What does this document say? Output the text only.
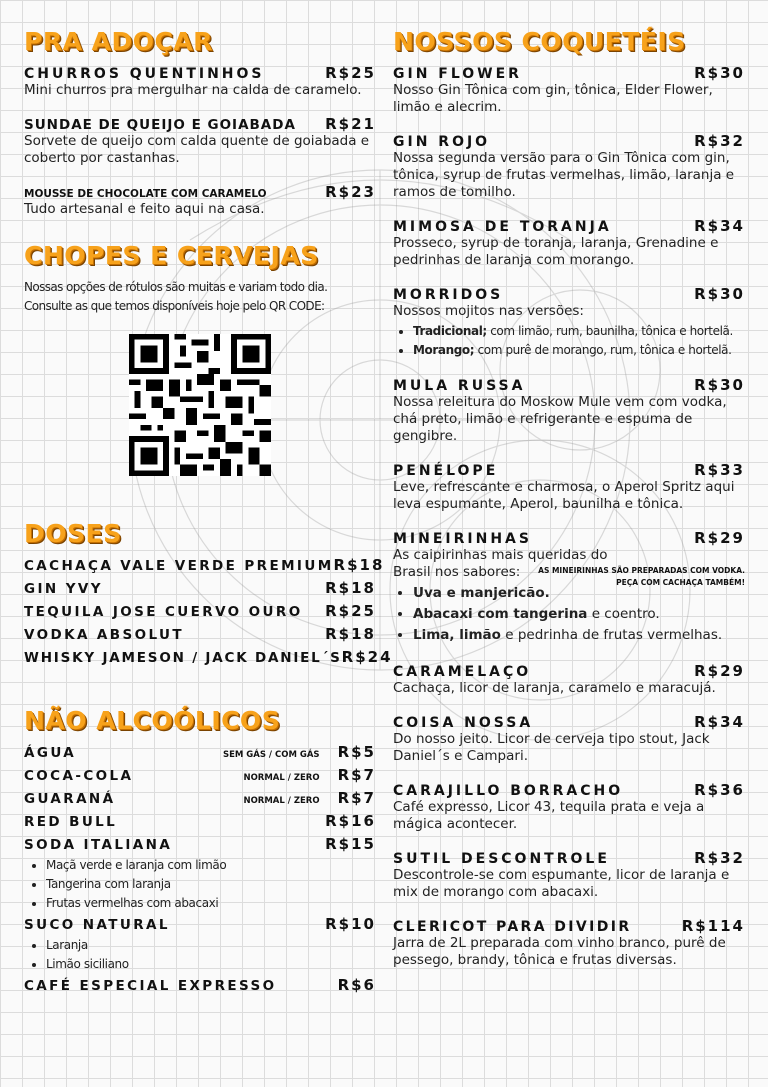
PRA ADOÇAR
CHURROS QUENTINHOS	R$25
Mini churros pra mergulhar na calda de caramelo.
SUNDAE DE QUEIJO E GOIABADA R$21
Sorvete de queijo com calda quente de goiabada e coberto por castanhas.
MOUSSE DE CHOCOLATE COM CARAMELO	R$23
Tudo artesanal e feito aqui na casa.
CHOPES E CERVEJAS
Nossas opções de rótulos são muitas e variam todo dia.
Consulte as que temos disponíveis hoje pelo QR CODE:
DOSES
CACHAÇA VALE VERDE PREMIUM R$18
GIN YVY	R$18
TEQUILA JOSE CUERVO OURO R$25
VODKA ABSOLUT	R$18
WHISKY JAMESON / JACK DANIEL´S R$24
NÃO ALCOÓLICOS
ÁGUA	SEM GÁS / COM GÁS R$5
COCA-COLA	NORMAL / ZERO R$7
GUARANÁ	NORMAL / ZERO R$7
RED BULL	R$16
SODA ITALIANA	R$15
• Maçã verde e laranja com limão
• Tangerina com laranja
• Frutas vermelhas com abacaxi
SUCO NATURAL	R$10
• Laranja
• Limão siciliano
CAFÉ ESPECIAL EXPRESSO	R$6
NOSSOS COQUETÉIS
GIN FLOWER	R$30
Nosso Gin Tônica com gin, tônica, Elder Flower, limão e alecrim.
GIN ROJO	R$32
Nossa segunda versão para o Gin Tônica com gin, tônica, syrup de frutas vermelhas, limão, laranja e ramos de tomilho.
MIMOSA DE TORANJA	R$34
Prosseco, syrup de toranja, laranja, Grenadine e pedrinhas de laranja com morango.
MORRIDOS	R$30
Nossos mojitos nas versões:
• Tradicional; com limão, rum, baunilha, tônica e hortelã.
• Morango; com purê de morango, rum, tônica e hortelã.
MULA RUSSA	R$30
Nossa releitura do Moskow Mule vem com vodka, chá preto, limão e refrigerante e espuma de gengibre.
PENÉLOPE	R$33
Leve, refrescante e charmosa, o Aperol Spritz aqui leva espumante, Aperol, baunilha e tônica.
MINEIRINHAS	R$29
As caipirinhas mais queridas do Brasil nos sabores:	AS MINEIRINHAS SÃO PREPARADAS COM VODKA.
PEÇA COM CACHAÇA TAMBÉM!
• Uva e manjericão.
• Abacaxi com tangerina e coentro.
• Lima, limão e pedrinha de frutas vermelhas.
CARAMELAÇO	R$29
Cachaça, licor de laranja, caramelo e maracujá.
COISA NOSSA	R$34
Do nosso jeito. Licor de cerveja tipo stout, Jack Daniel´s e Campari.
CARAJILLO BORRACHO	R$36
Café expresso, Licor 43, tequila prata e veja a mágica acontecer.
SUTIL DESCONTROLE	R$32
Descontrole-se com espumante, licor de laranja e mix de morango com abacaxi.
CLERICOT PARA DIVIDIR	R$114
Jarra de 2L preparada com vinho branco, purê de pessego, brandy, tônica e frutas diversas.
